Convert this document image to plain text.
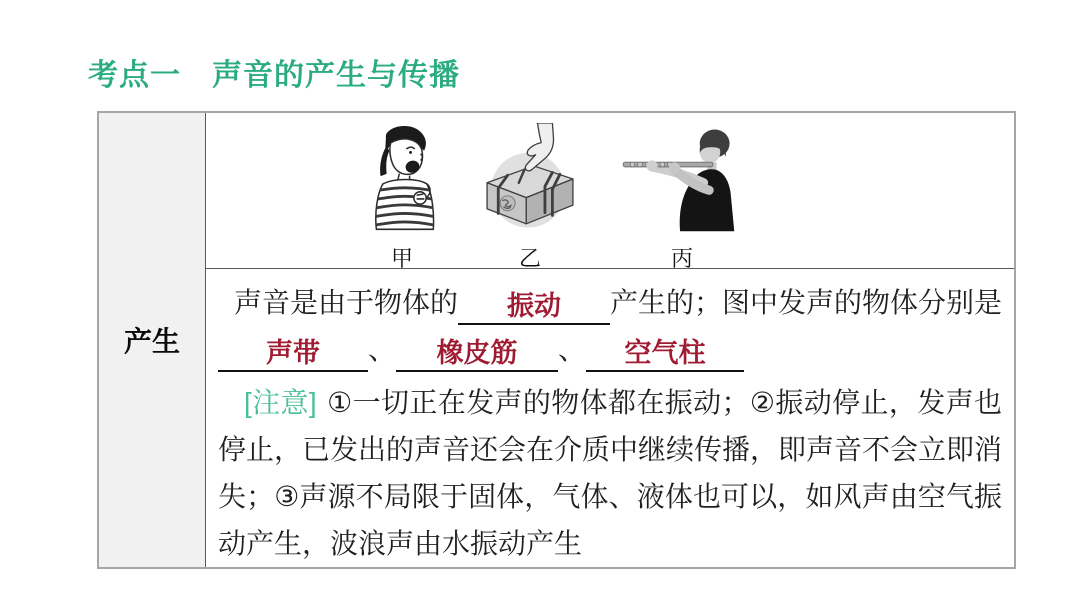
考点一　声音的产生与传播
产生
甲	乙	丙
声音是由于物体的 振动 产生的；图中发声的物体分别是
声带 、 橡皮筋 、 空气柱
[注意] ①一切正在发声的物体都在振动；②振动停止，发声也停止，已发出的声音还会在介质中继续传播，即声音不会立即消失；③声源不局限于固体，气体、液体也可以，如风声由空气振动产生，波浪声由水振动产生
